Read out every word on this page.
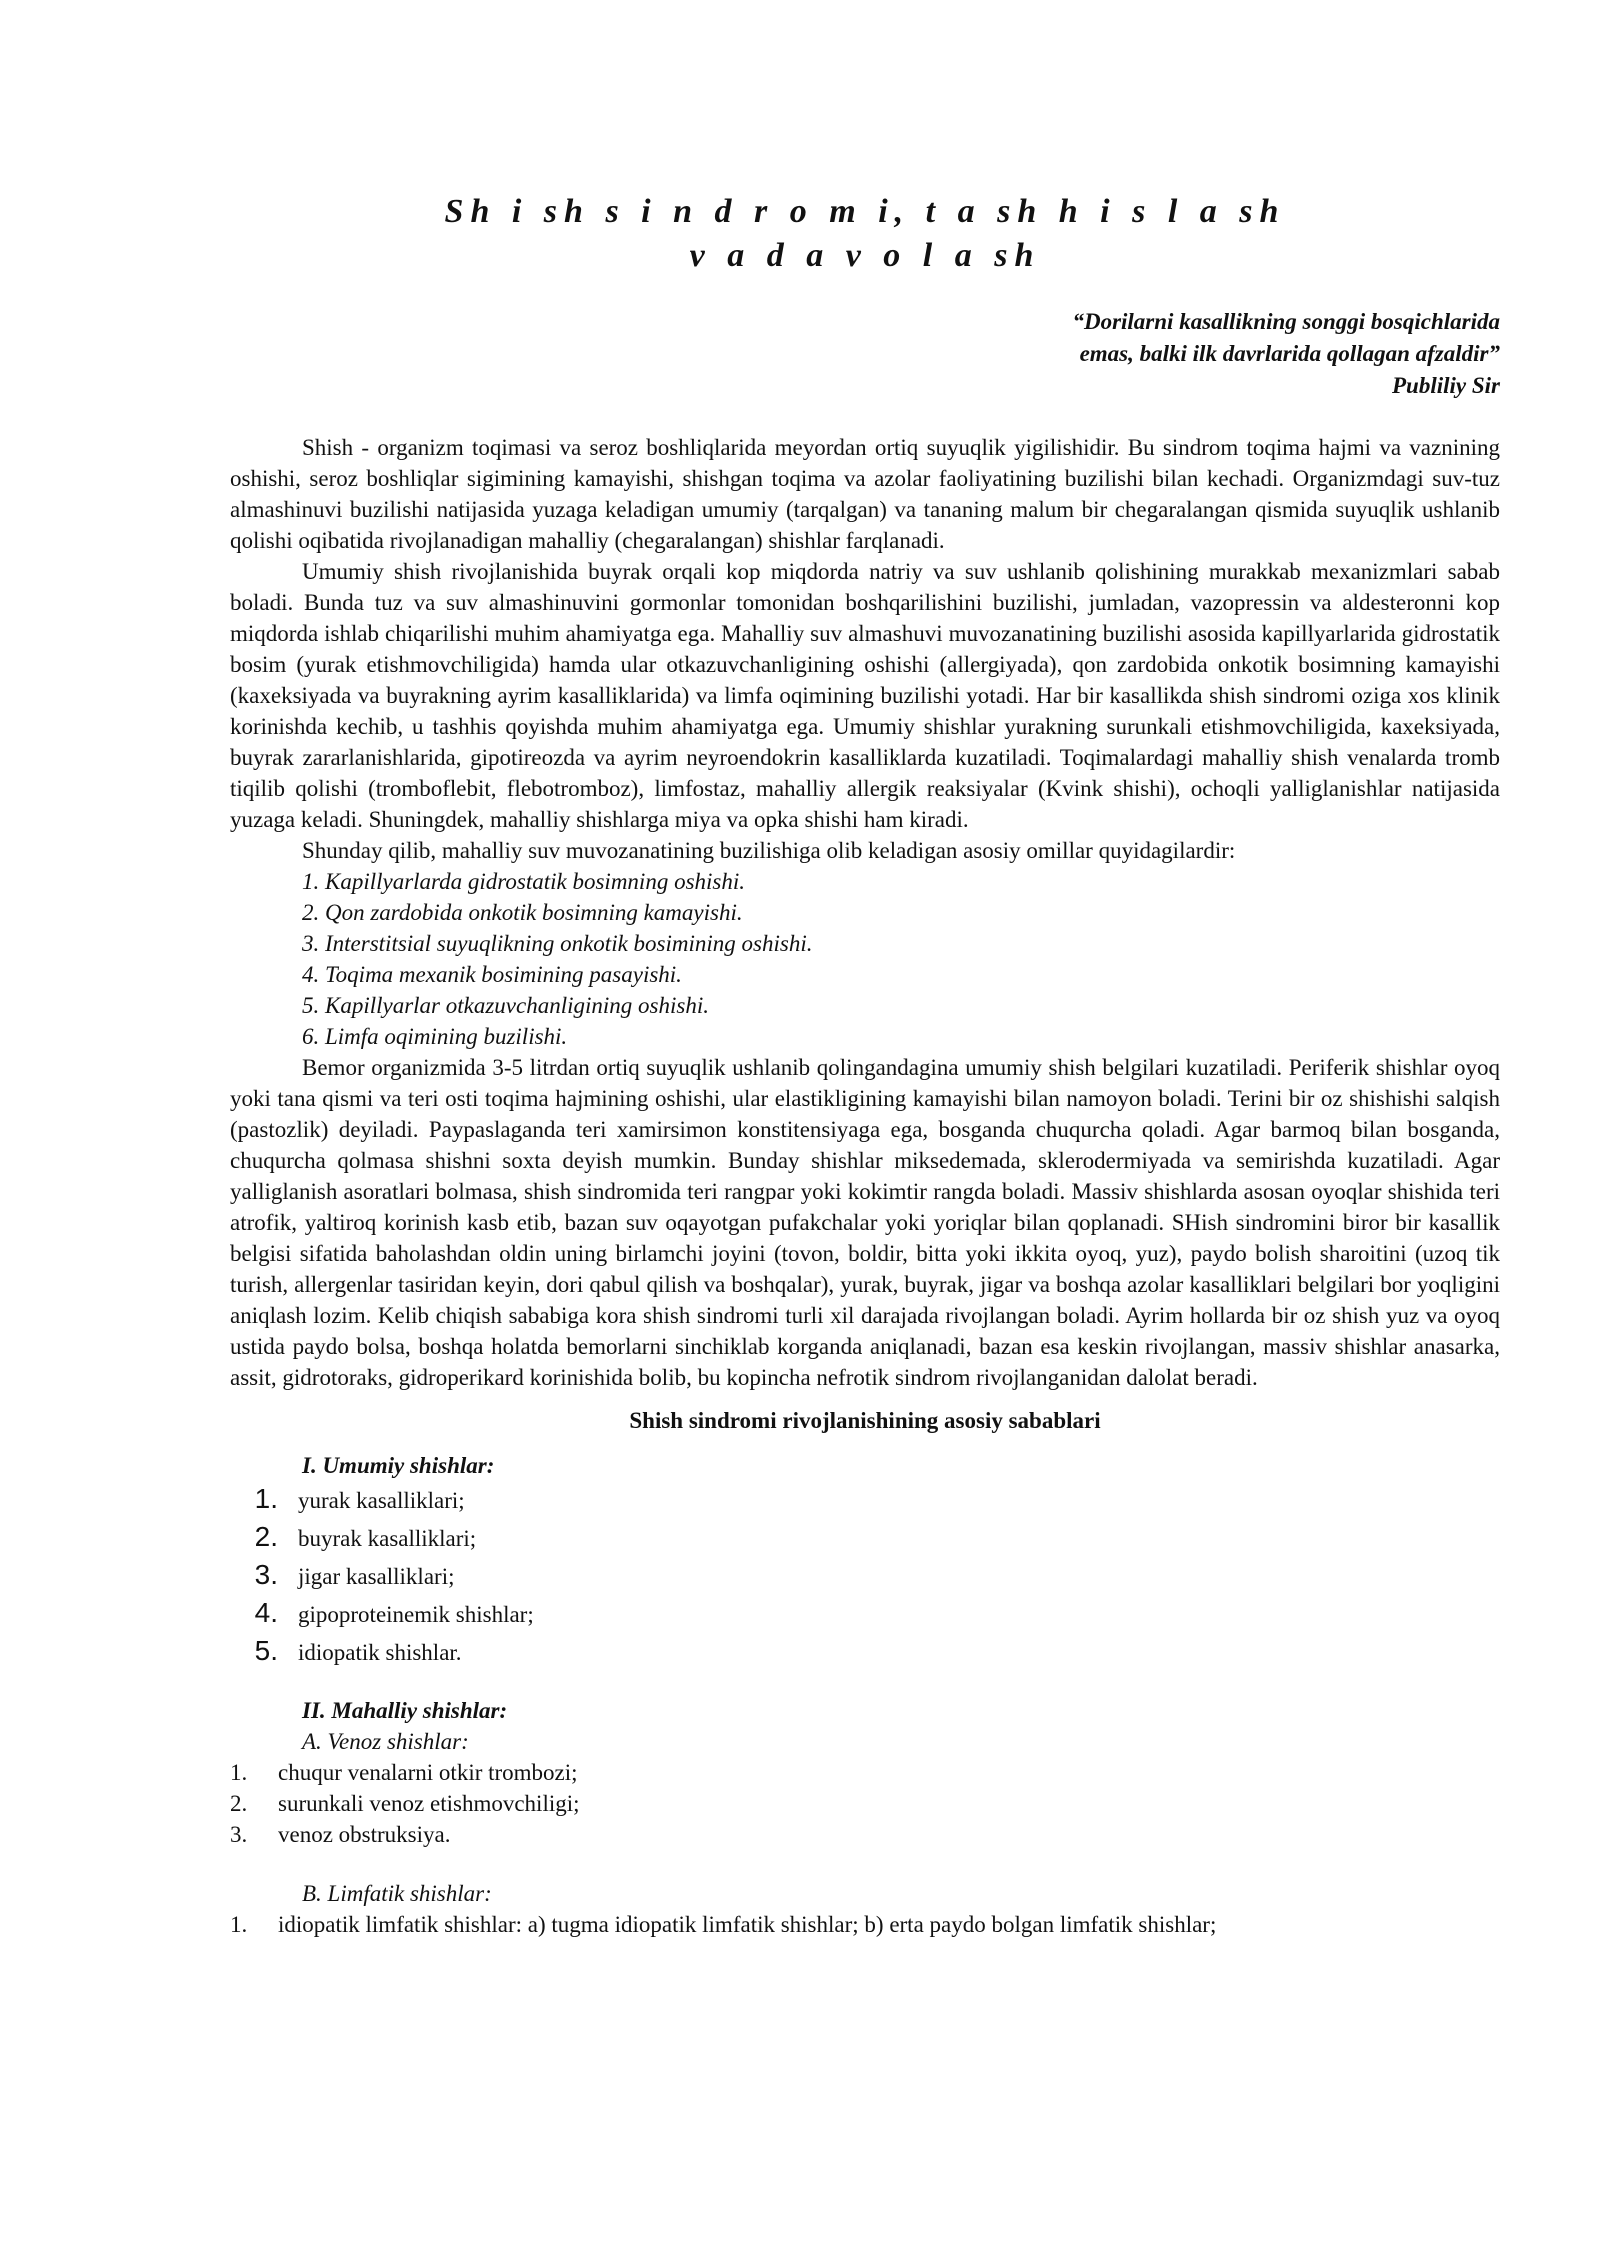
Sh i sh s i n d r o m i, t a sh h i s l a sh
v a d a v o l a sh
“Dorilarni kasallikning songgi bosqichlarida
emas, balki ilk davrlarida qollagan afzaldir”
Publiliy Sir

Shish - organizm toqimasi va seroz boshliqlarida meyordan ortiq suyuqlik yigilishidir. Bu sindrom toqima hajmi va vaznining oshishi, seroz boshliqlar sigimining kamayishi, shishgan toqima va azolar faoliyatining buzilishi bilan kechadi. Organizmdagi suv-tuz almashinuvi buzilishi natijasida yuzaga keladigan umumiy (tarqalgan) va tananing malum bir chegaralangan qismida suyuqlik ushlanib qolishi oqibatida rivojlanadigan mahalliy (chegaralangan) shishlar farqlanadi.

Umumiy shish rivojlanishida buyrak orqali kop miqdorda natriy va suv ushlanib qolishining murakkab mexanizmlari sabab boladi. Bunda tuz va suv almashinuvini gormonlar tomonidan boshqarilishini buzilishi, jumladan, vazopressin va aldesteronni kop miqdorda ishlab chiqarilishi muhim ahamiyatga ega. Mahalliy suv almashuvi muvozanatining buzilishi asosida kapillyarlarida gidrostatik bosim (yurak etishmovchiligida) hamda ular otkazuvchanligining oshishi (allergiyada), qon zardobida onkotik bosimning kamayishi (kaxeksiyada va buyrakning ayrim kasalliklarida) va limfa oqimining buzilishi yotadi. Har bir kasallikda shish sindromi oziga xos klinik korinishda kechib, u tashhis qoyishda muhim ahamiyatga ega. Umumiy shishlar yurakning surunkali etishmovchiligida, kaxeksiyada, buyrak zararlanishlarida, gipotireozda va ayrim neyroendokrin kasalliklarda kuzatiladi. Toqimalardagi mahalliy shish venalarda tromb tiqilib qolishi (tromboflebit, flebotromboz), limfostaz, mahalliy allergik reaksiyalar (Kvink shishi), ochoqli yalliglanishlar natijasida yuzaga keladi. Shuningdek, mahalliy shishlarga miya va opka shishi ham kiradi.

Shunday qilib, mahalliy suv muvozanatining buzilishiga olib keladigan asosiy omillar quyidagilardir:

1. Kapillyarlarda gidrostatik bosimning oshishi.
2. Qon zardobida onkotik bosimning kamayishi.
3. Interstitsial suyuqlikning onkotik bosimining oshishi.
4. Toqima mexanik bosimining pasayishi.
5. Kapillyarlar otkazuvchanligining oshishi.
6. Limfa oqimining buzilishi.

Bemor organizmida 3-5 litrdan ortiq suyuqlik ushlanib qolingandagina umumiy shish belgilari kuzatiladi. Periferik shishlar oyoq yoki tana qismi va teri osti toqima hajmining oshishi, ular elastikligining kamayishi bilan namoyon boladi. Terini bir oz shishishi salqish (pastozlik) deyiladi. Paypaslaganda teri xamirsimon konstitensiyaga ega, bosganda chuqurcha qoladi. Agar barmoq bilan bosganda, chuqurcha qolmasa shishni soxta deyish mumkin. Bunday shishlar miksedemada, sklerodermiyada va semirishda kuzatiladi. Agar yalliglanish asoratlari bolmasa, shish sindromida teri rangpar yoki kokimtir rangda boladi. Massiv shishlarda asosan oyoqlar shishida teri atrofik, yaltiroq korinish kasb etib, bazan suv oqayotgan pufakchalar yoki yoriqlar bilan qoplanadi. SHish sindromini biror bir kasallik belgisi sifatida baholashdan oldin uning birlamchi joyini (tovon, boldir, bitta yoki ikkita oyoq, yuz), paydo bolish sharoitini (uzoq tik turish, allergenlar tasiridan keyin, dori qabul qilish va boshqalar), yurak, buyrak, jigar va boshqa azolar kasalliklari belgilari bor yoqligini aniqlash lozim. Kelib chiqish sababiga kora shish sindromi turli xil darajada rivojlangan boladi. Ayrim hollarda bir oz shish yuz va oyoq ustida paydo bolsa, boshqa holatda bemorlarni sinchiklab korganda aniqlanadi, bazan esa keskin rivojlangan, massiv shishlar anasarka, assit, gidrotoraks, gidroperikard korinishida bolib, bu kopincha nefrotik sindrom rivojlanganidan dalolat beradi.

Shish sindromi rivojlanishining asosiy sabablari
I. Umumiy shishlar:
1. yurak kasalliklari;
2. buyrak kasalliklari;
3. jigar kasalliklari;
4. gipoproteinemik shishlar;
5. idiopatik shishlar.
II. Mahalliy shishlar:
A. Venoz shishlar:
1.	chuqur venalarni otkir trombozi;
2.	surunkali venoz etishmovchiligi;
3.	venoz obstruksiya.
B. Limfatik shishlar:
1.	idiopatik limfatik shishlar: a) tugma idiopatik limfatik shishlar; b) erta paydo bolgan limfatik shishlar;
